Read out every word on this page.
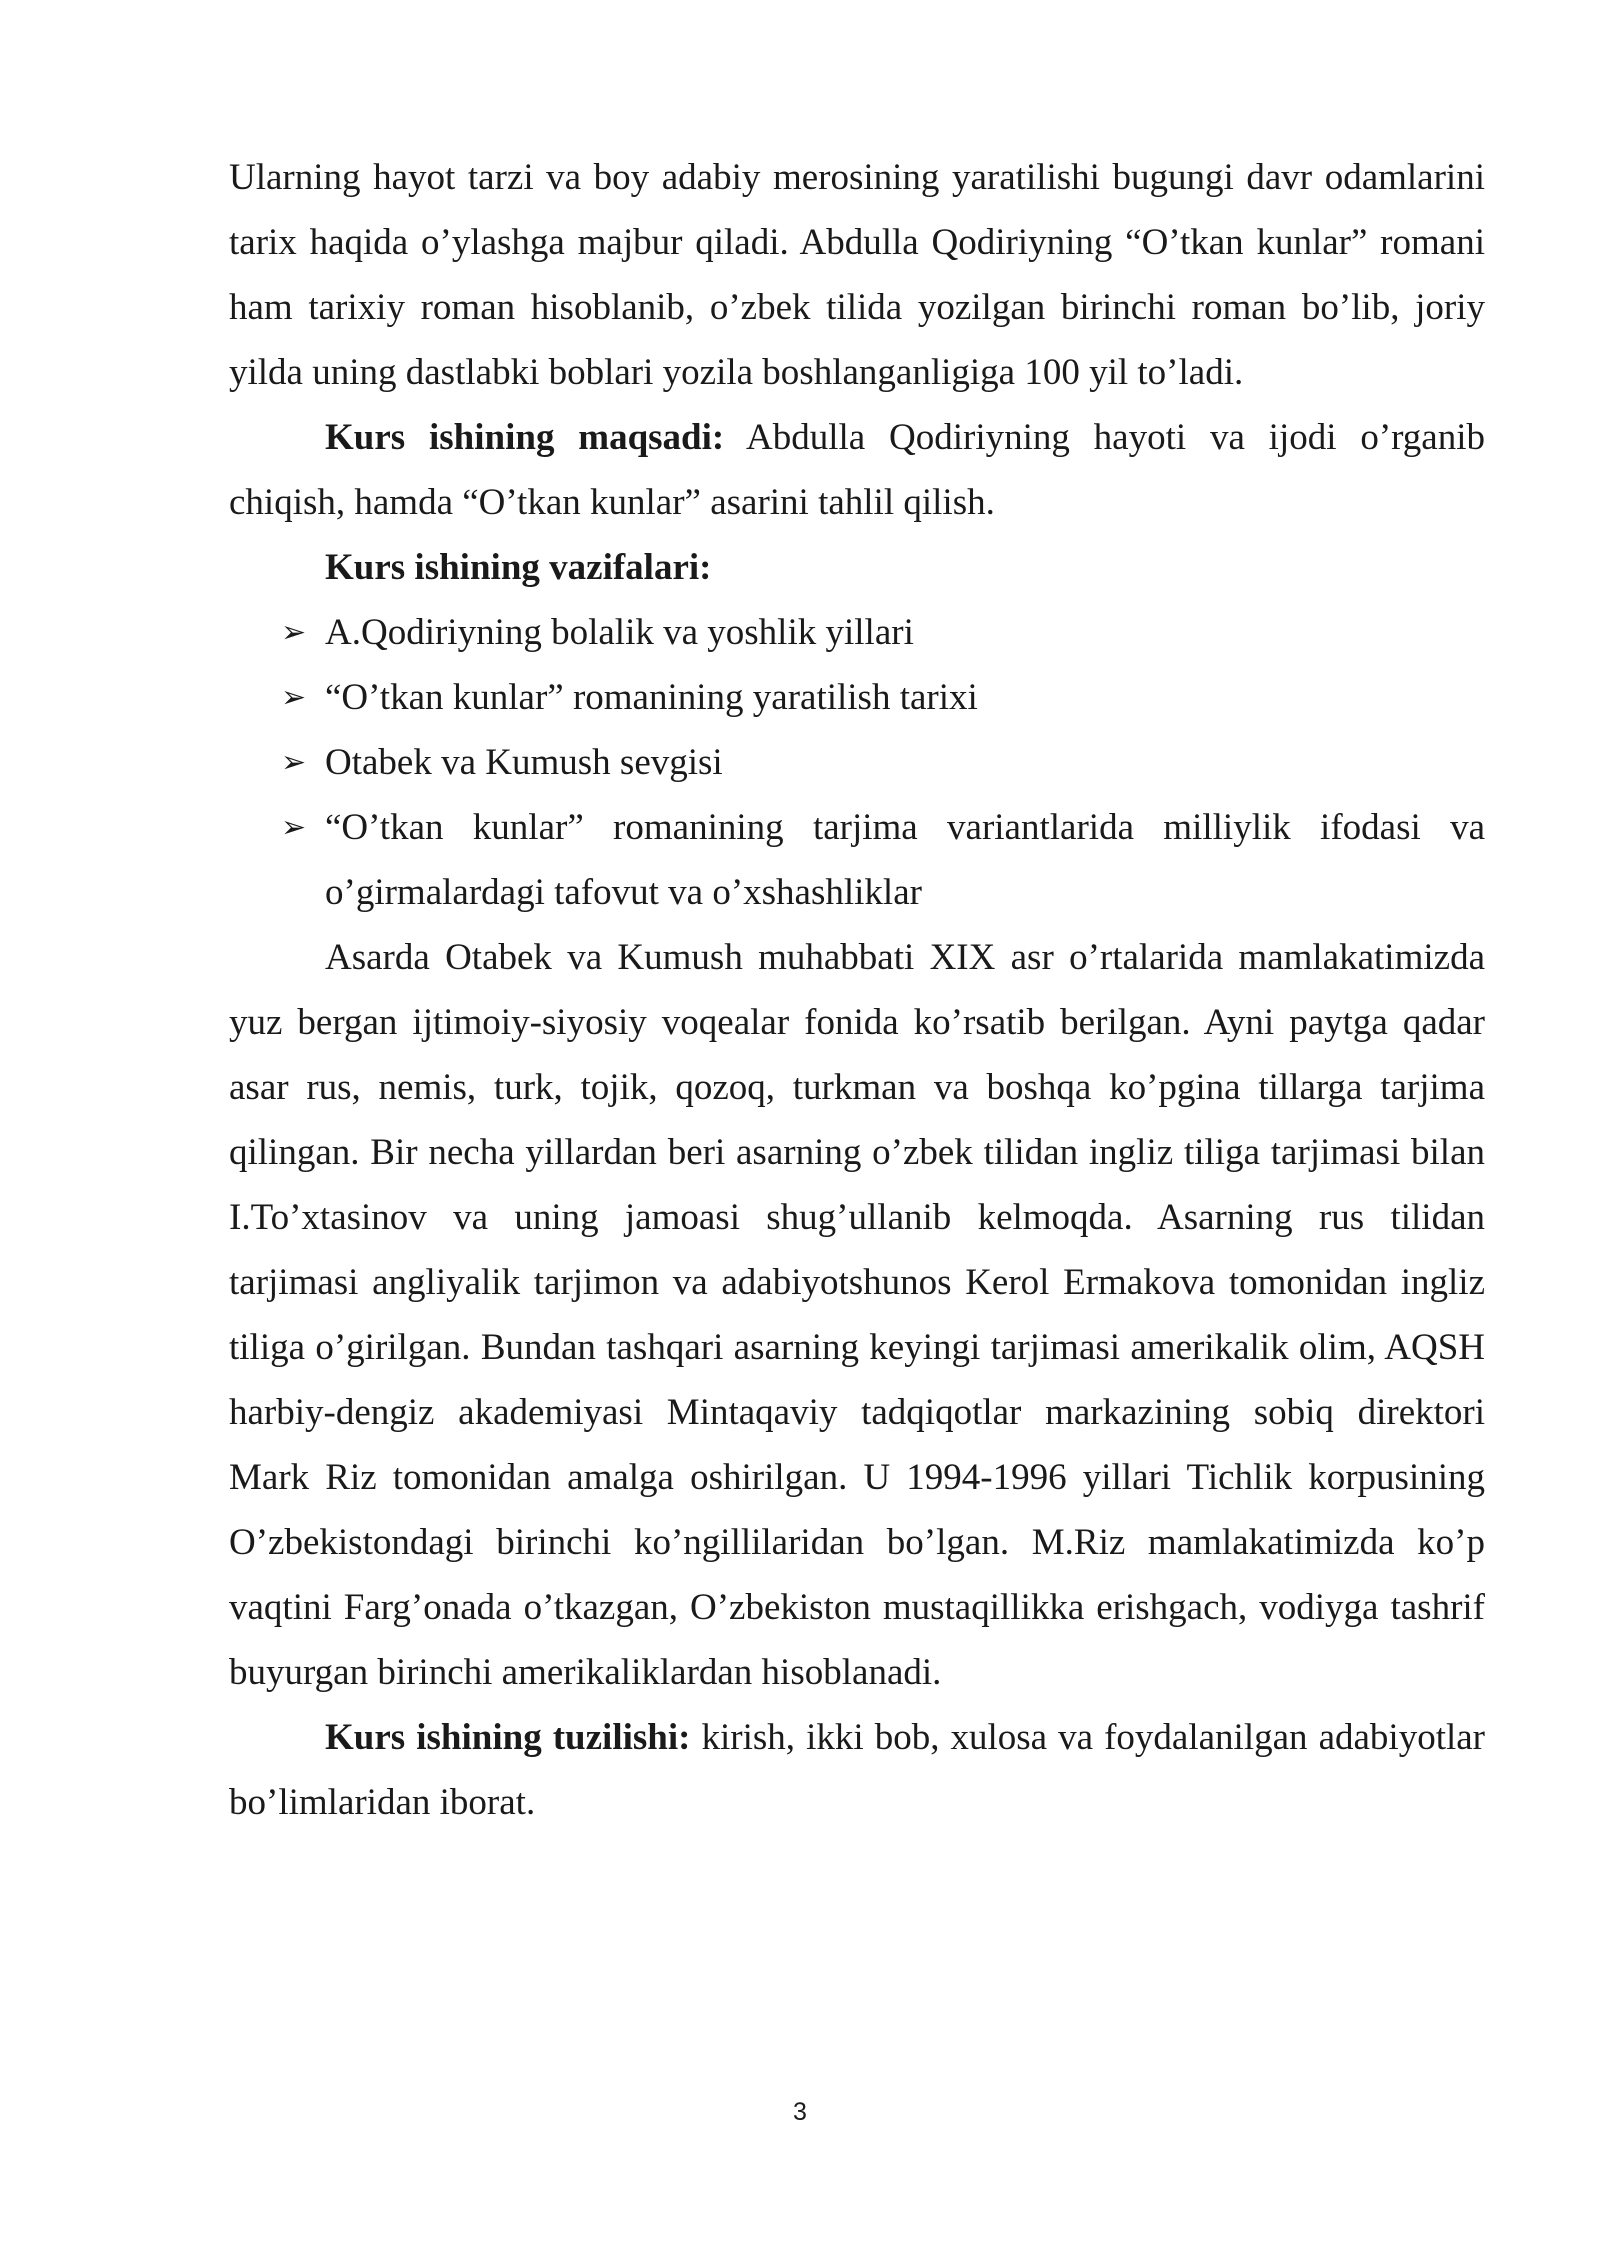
Ularning hayot tarzi va boy adabiy merosining yaratilishi bugungi davr odamlarini tarix haqida o’ylashga majbur qiladi. Abdulla Qodiriyning “O’tkan kunlar” romani ham tarixiy roman hisoblanib, o’zbek tilida yozilgan birinchi roman bo’lib, joriy yilda uning dastlabki boblari yozila boshlanganligiga 100 yil to’ladi.

Kurs ishining maqsadi: Abdulla Qodiriyning hayoti va ijodi o’rganib chiqish, hamda “O’tkan kunlar” asarini tahlil qilish.

Kurs ishining vazifalari:

➢ A.Qodiriyning bolalik va yoshlik yillari
➢ “O’tkan kunlar” romanining yaratilish tarixi
➢ Otabek va Kumush sevgisi
➢ “O’tkan kunlar” romanining tarjima variantlarida milliylik ifodasi va o’girmalardagi tafovut va o’xshashliklar

Asarda Otabek va Kumush muhabbati XIX asr o’rtalarida mamlakatimizda yuz bergan ijtimoiy-siyosiy voqealar fonida ko’rsatib berilgan. Ayni paytga qadar asar rus, nemis, turk, tojik, qozoq, turkman va boshqa ko’pgina tillarga tarjima qilingan. Bir necha yillardan beri asarning o’zbek tilidan ingliz tiliga tarjimasi bilan I.To’xtasinov va uning jamoasi shug’ullanib kelmoqda. Asarning rus tilidan tarjimasi angliyalik tarjimon va adabiyotshunos Kerol Ermakova tomonidan ingliz tiliga o’girilgan. Bundan tashqari asarning keyingi tarjimasi amerikalik olim, AQSH harbiy-dengiz akademiyasi Mintaqaviy tadqiqotlar markazining sobiq direktori Mark Riz tomonidan amalga oshirilgan. U 1994-1996 yillari Tichlik korpusining O’zbekistondagi birinchi ko’ngillilaridan bo’lgan. M.Riz mamlakatimizda ko’p vaqtini Farg’onada o’tkazgan, O’zbekiston mustaqillikka erishgach, vodiyga tashrif buyurgan birinchi amerikaliklardan hisoblanadi.

Kurs ishining tuzilishi: kirish, ikki bob, xulosa va foydalanilgan adabiyotlar bo’limlaridan iborat.

3
